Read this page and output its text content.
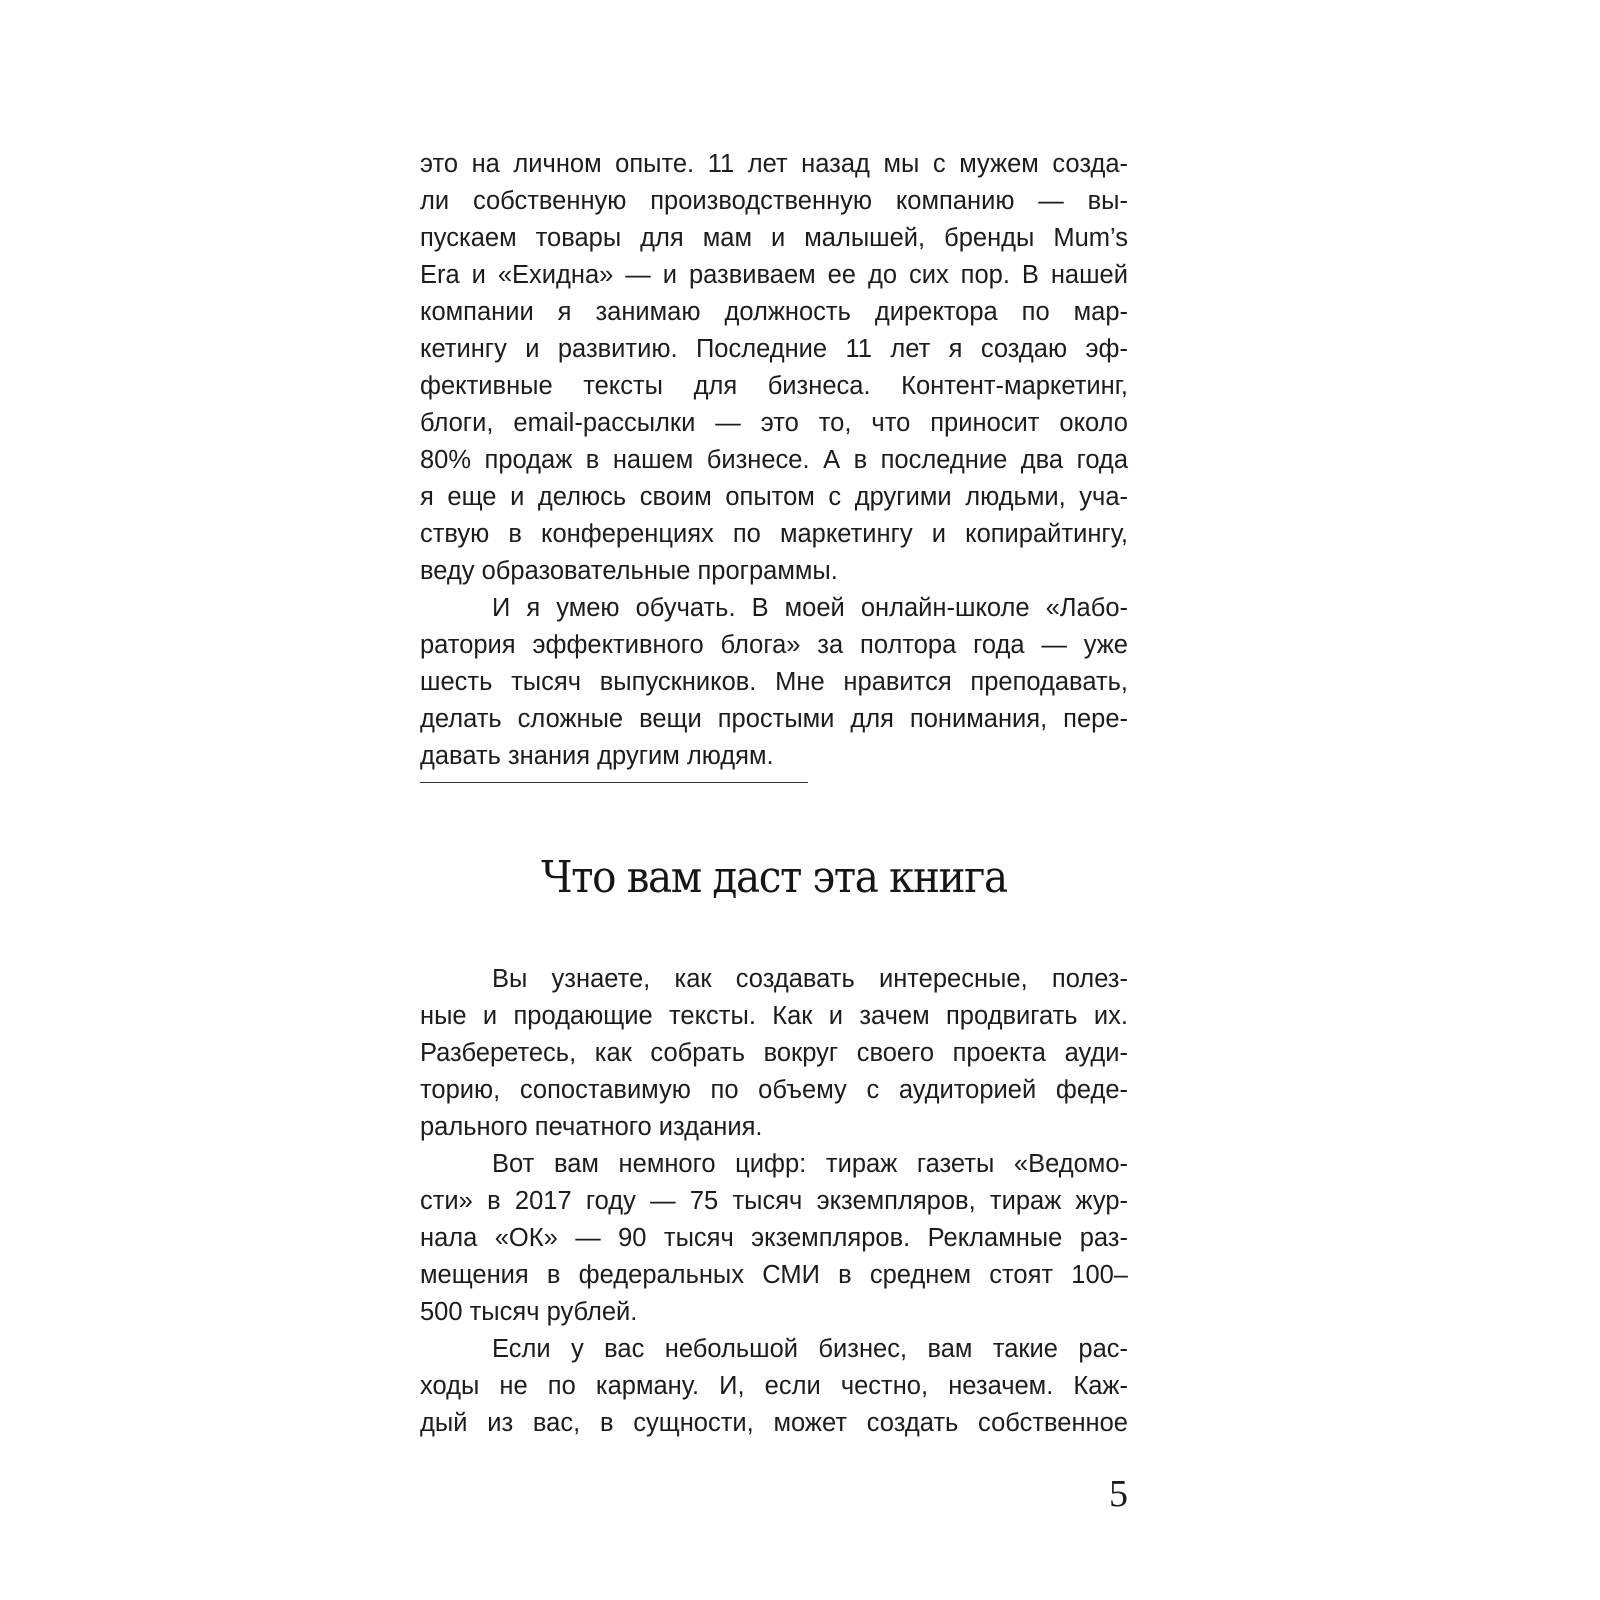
это на личном опыте. 11 лет назад мы с мужем созда-
ли собственную производственную компанию — вы-
пускаем товары для мам и малышей, бренды Mum’s
Era и «Ехидна» — и развиваем ее до сих пор. В нашей
компании я занимаю должность директора по мар-
кетингу и развитию. Последние 11 лет я создаю эф-
фективные тексты для бизнеса. Контент-маркетинг,
блоги, email-рассылки — это то, что приносит около
80% продаж в нашем бизнесе. А в последние два года
я еще и делюсь своим опытом с другими людьми, уча-
ствую в конференциях по маркетингу и копирайтингу,
веду образовательные программы.
И я умею обучать. В моей онлайн-школе «Лабо-
ратория эффективного блога» за полтора года — уже
шесть тысяч выпускников. Мне нравится преподавать,
делать сложные вещи простыми для понимания, пере-
давать знания другим людям.
Что вам даст эта книга
Вы узнаете, как создавать интересные, полез-
ные и продающие тексты. Как и зачем продвигать их.
Разберетесь, как собрать вокруг своего проекта ауди-
торию, сопоставимую по объему с аудиторией феде-
рального печатного издания.
Вот вам немного цифр: тираж газеты «Ведомо-
сти» в 2017 году — 75 тысяч экземпляров, тираж жур-
нала «ОК» — 90 тысяч экземпляров. Рекламные раз-
мещения в федеральных СМИ в среднем стоят 100–
500 тысяч рублей.
Если у вас небольшой бизнес, вам такие рас-
ходы не по карману. И, если честно, незачем. Каж-
дый из вас, в сущности, может создать собственное
5
